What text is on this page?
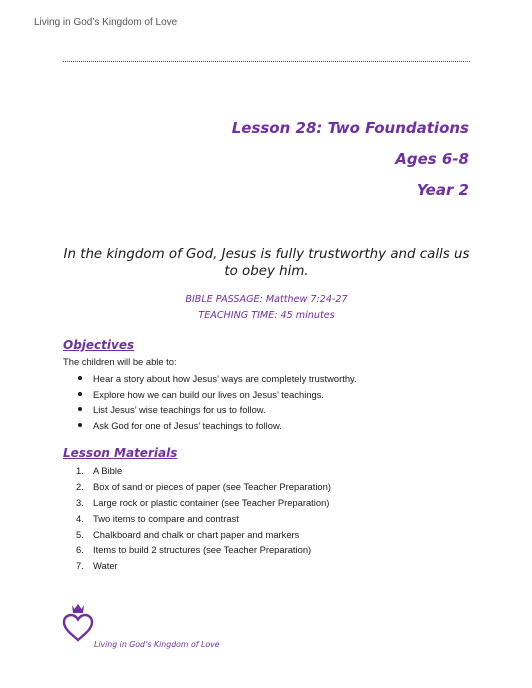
Living in God’s Kingdom of Love
Lesson 28: Two Foundations
Ages 6-8
Year 2
In the kingdom of God, Jesus is fully trustworthy and calls us to obey him.
BIBLE PASSAGE: Matthew 7:24-27
TEACHING TIME: 45 minutes
Objectives
The children will be able to:
Hear a story about how Jesus’ ways are completely trustworthy.
Explore how we can build our lives on Jesus’ teachings.
List Jesus’ wise teachings for us to follow.
Ask God for one of Jesus’ teachings to follow.
Lesson Materials
1. A Bible
2. Box of sand or pieces of paper (see Teacher Preparation)
3. Large rock or plastic container (see Teacher Preparation)
4. Two items to compare and contrast
5. Chalkboard and chalk or chart paper and markers
6. Items to build 2 structures (see Teacher Preparation)
7. Water
Living in God’s Kingdom of Love
